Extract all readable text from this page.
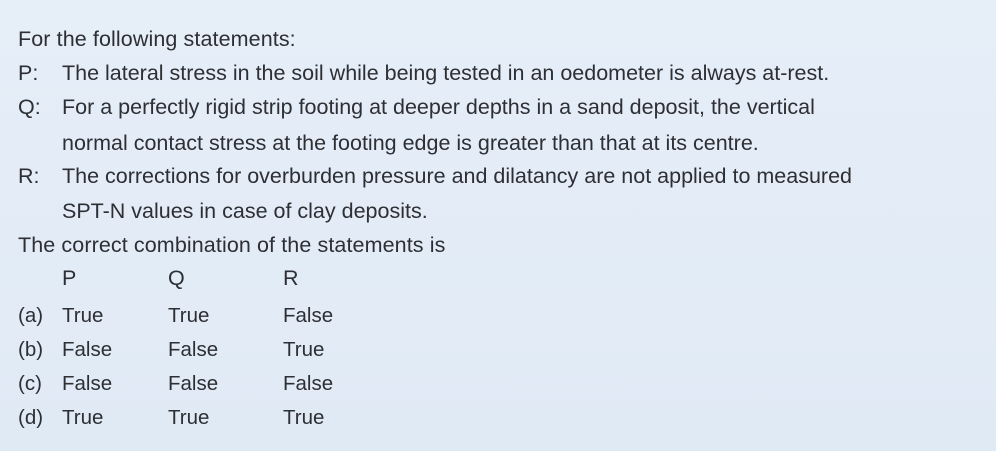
For the following statements:
P: The lateral stress in the soil while being tested in an oedometer is always at-rest.
Q: For a perfectly rigid strip footing at deeper depths in a sand deposit, the vertical
normal contact stress at the footing edge is greater than that at its centre.
R: The corrections for overburden pressure and dilatancy are not applied to measured
SPT-N values in case of clay deposits.
The correct combination of the statements is
P	Q	R
(a) True	True	False
(b) False	False	True
(c) False	False	False
(d) True	True	True
